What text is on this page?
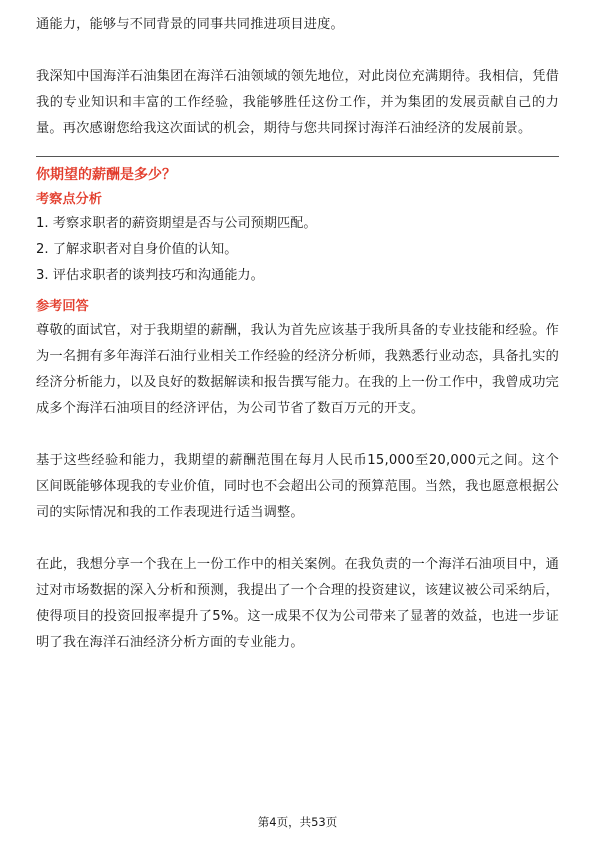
通能力，能够与不同背景的同事共同推进项目进度。

我深知中国海洋石油集团在海洋石油领域的领先地位，对此岗位充满期待。我相信，凭借我的专业知识和丰富的工作经验，我能够胜任这份工作，并为集团的发展贡献自己的力量。再次感谢您给我这次面试的机会，期待与您共同探讨海洋石油经济的发展前景。

你期望的薪酬是多少？

考察点分析

1. 考察求职者的薪资期望是否与公司预期匹配。
2. 了解求职者对自身价值的认知。
3. 评估求职者的谈判技巧和沟通能力。

参考回答

尊敬的面试官，对于我期望的薪酬，我认为首先应该基于我所具备的专业技能和经验。作为一名拥有多年海洋石油行业相关工作经验的经济分析师，我熟悉行业动态，具备扎实的经济分析能力，以及良好的数据解读和报告撰写能力。在我的上一份工作中，我曾成功完成多个海洋石油项目的经济评估，为公司节省了数百万元的开支。

基于这些经验和能力，我期望的薪酬范围在每月人民币15,000至20,000元之间。这个区间既能够体现我的专业价值，同时也不会超出公司的预算范围。当然，我也愿意根据公司的实际情况和我的工作表现进行适当调整。

在此，我想分享一个我在上一份工作中的相关案例。在我负责的一个海洋石油项目中，通过对市场数据的深入分析和预测，我提出了一个合理的投资建议，该建议被公司采纳后，使得项目的投资回报率提升了5%。这一成果不仅为公司带来了显著的效益，也进一步证明了我在海洋石油经济分析方面的专业能力。

第4页，共53页
